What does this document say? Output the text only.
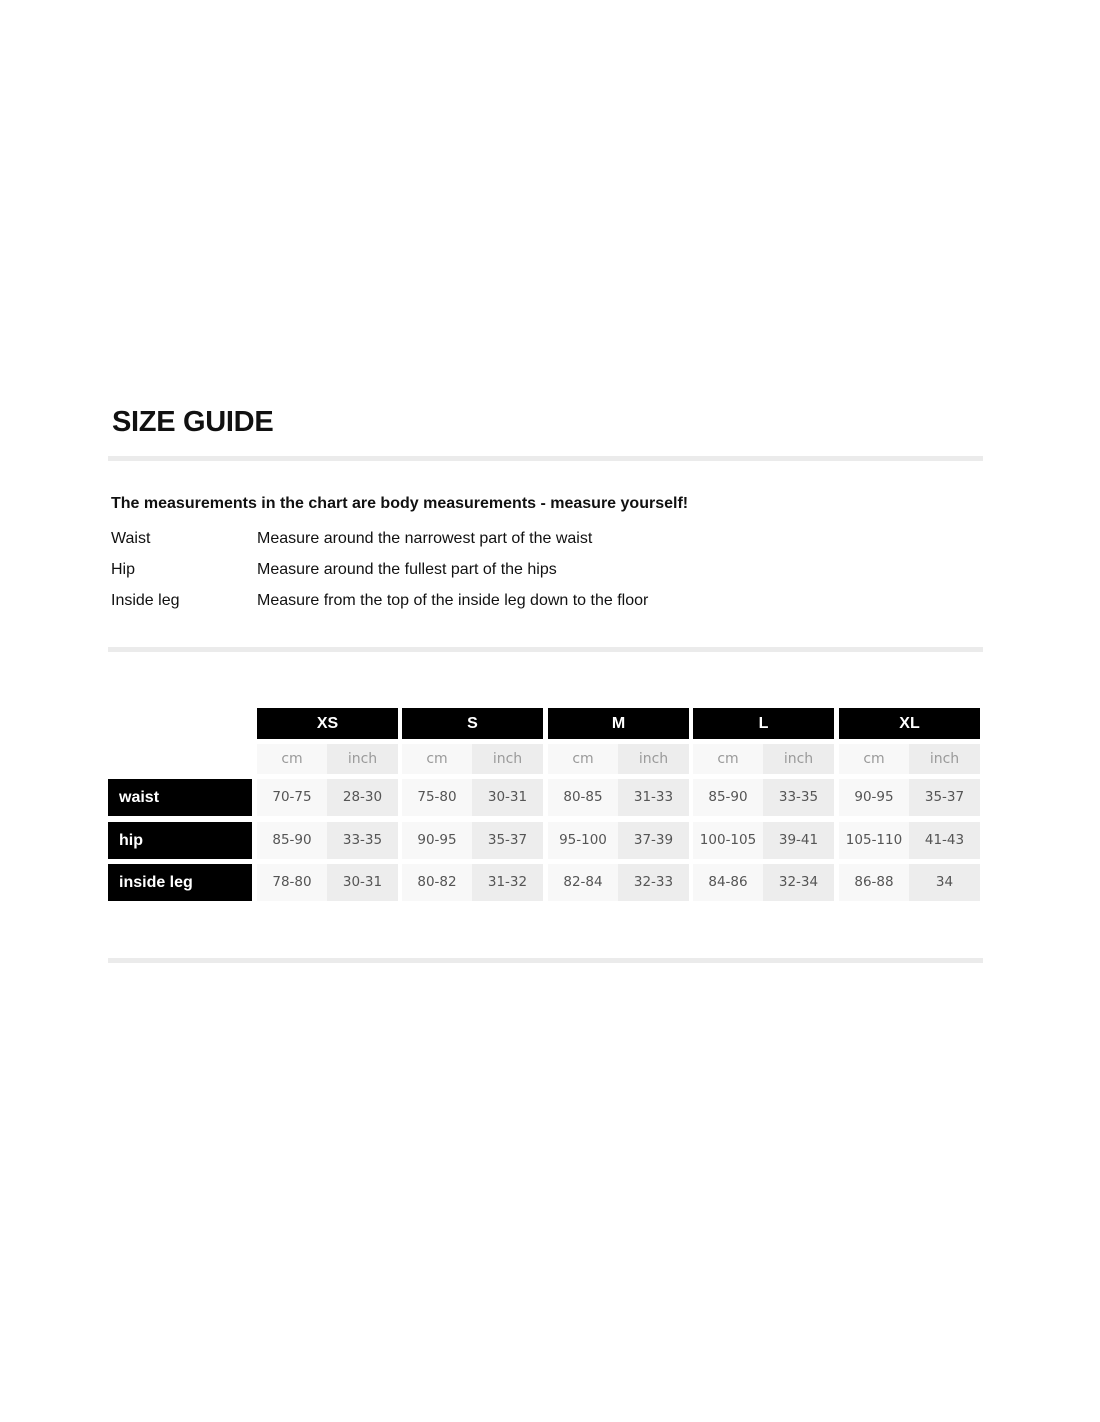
SIZE GUIDE
The measurements in the chart are body measurements - measure yourself!
Waist	Measure around the narrowest part of the waist
Hip	Measure around the fullest part of the hips
Inside leg	Measure from the top of the inside leg down to the floor
XS	S	M	L	XL
cm	inch	cm	inch	cm	inch	cm	inch	cm	inch
waist	70-75	28-30	75-80	30-31	80-85	31-33	85-90	33-35	90-95	35-37
hip	85-90	33-35	90-95	35-37	95-100	37-39	100-105	39-41	105-110	41-43
inside leg	78-80	30-31	80-82	31-32	82-84	32-33	84-86	32-34	86-88	34
